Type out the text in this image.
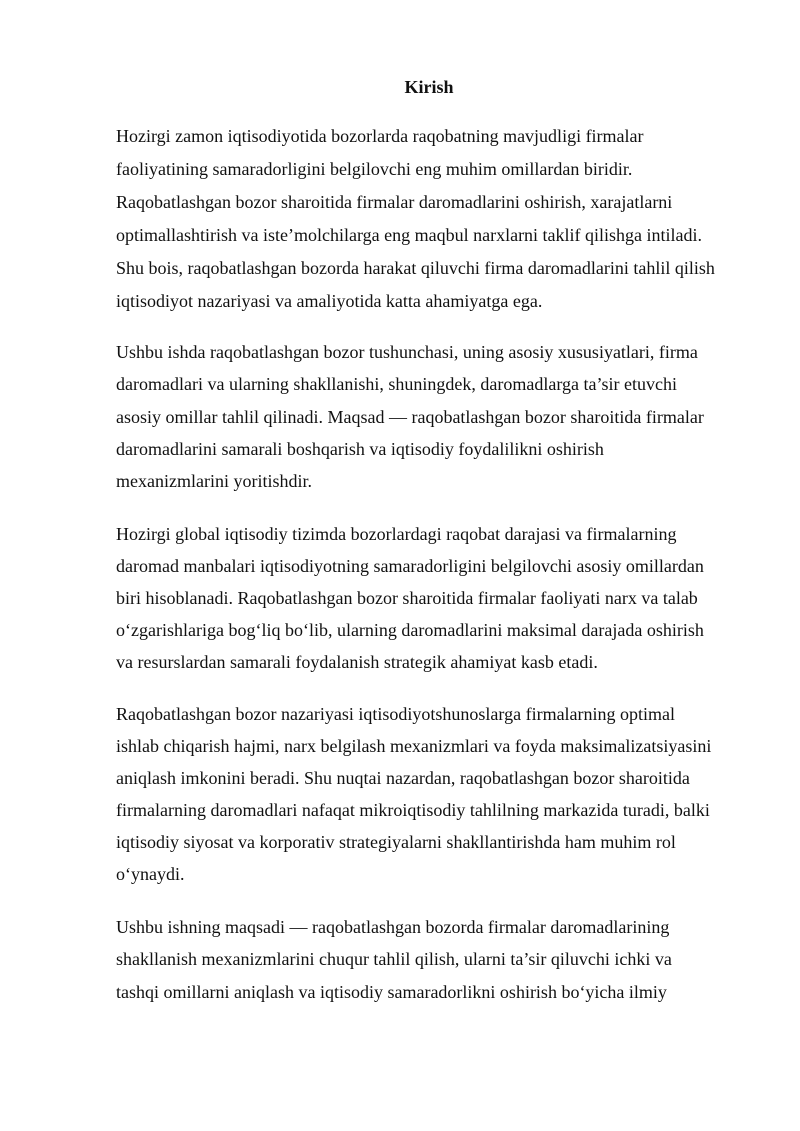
Kirish

Hozirgi zamon iqtisodiyotida bozorlarda raqobatning mavjudligi firmalar

faoliyatining samaradorligini belgilovchi eng muhim omillardan biridir.

Raqobatlashgan bozor sharoitida firmalar daromadlarini oshirish, xarajatlarni

optimallashtirish va iste’molchilarga eng maqbul narxlarni taklif qilishga intiladi.

Shu bois, raqobatlashgan bozorda harakat qiluvchi firma daromadlarini tahlil qilish

iqtisodiyot nazariyasi va amaliyotida katta ahamiyatga ega.

Ushbu ishda raqobatlashgan bozor tushunchasi, uning asosiy xususiyatlari, firma

daromadlari va ularning shakllanishi, shuningdek, daromadlarga ta’sir etuvchi

asosiy omillar tahlil qilinadi. Maqsad — raqobatlashgan bozor sharoitida firmalar

daromadlarini samarali boshqarish va iqtisodiy foydalilikni oshirish

mexanizmlarini yoritishdir.

Hozirgi global iqtisodiy tizimda bozorlardagi raqobat darajasi va firmalarning

daromad manbalari iqtisodiyotning samaradorligini belgilovchi asosiy omillardan

biri hisoblanadi. Raqobatlashgan bozor sharoitida firmalar faoliyati narx va talab

o‘zgarishlariga bog‘liq bo‘lib, ularning daromadlarini maksimal darajada oshirish

va resurslardan samarali foydalanish strategik ahamiyat kasb etadi.

Raqobatlashgan bozor nazariyasi iqtisodiyotshunoslarga firmalarning optimal

ishlab chiqarish hajmi, narx belgilash mexanizmlari va foyda maksimalizatsiyasini

aniqlash imkonini beradi. Shu nuqtai nazardan, raqobatlashgan bozor sharoitida

firmalarning daromadlari nafaqat mikroiqtisodiy tahlilning markazida turadi, balki

iqtisodiy siyosat va korporativ strategiyalarni shakllantirishda ham muhim rol

o‘ynaydi.

Ushbu ishning maqsadi — raqobatlashgan bozorda firmalar daromadlarining

shakllanish mexanizmlarini chuqur tahlil qilish, ularni ta’sir qiluvchi ichki va

tashqi omillarni aniqlash va iqtisodiy samaradorlikni oshirish bo‘yicha ilmiy
